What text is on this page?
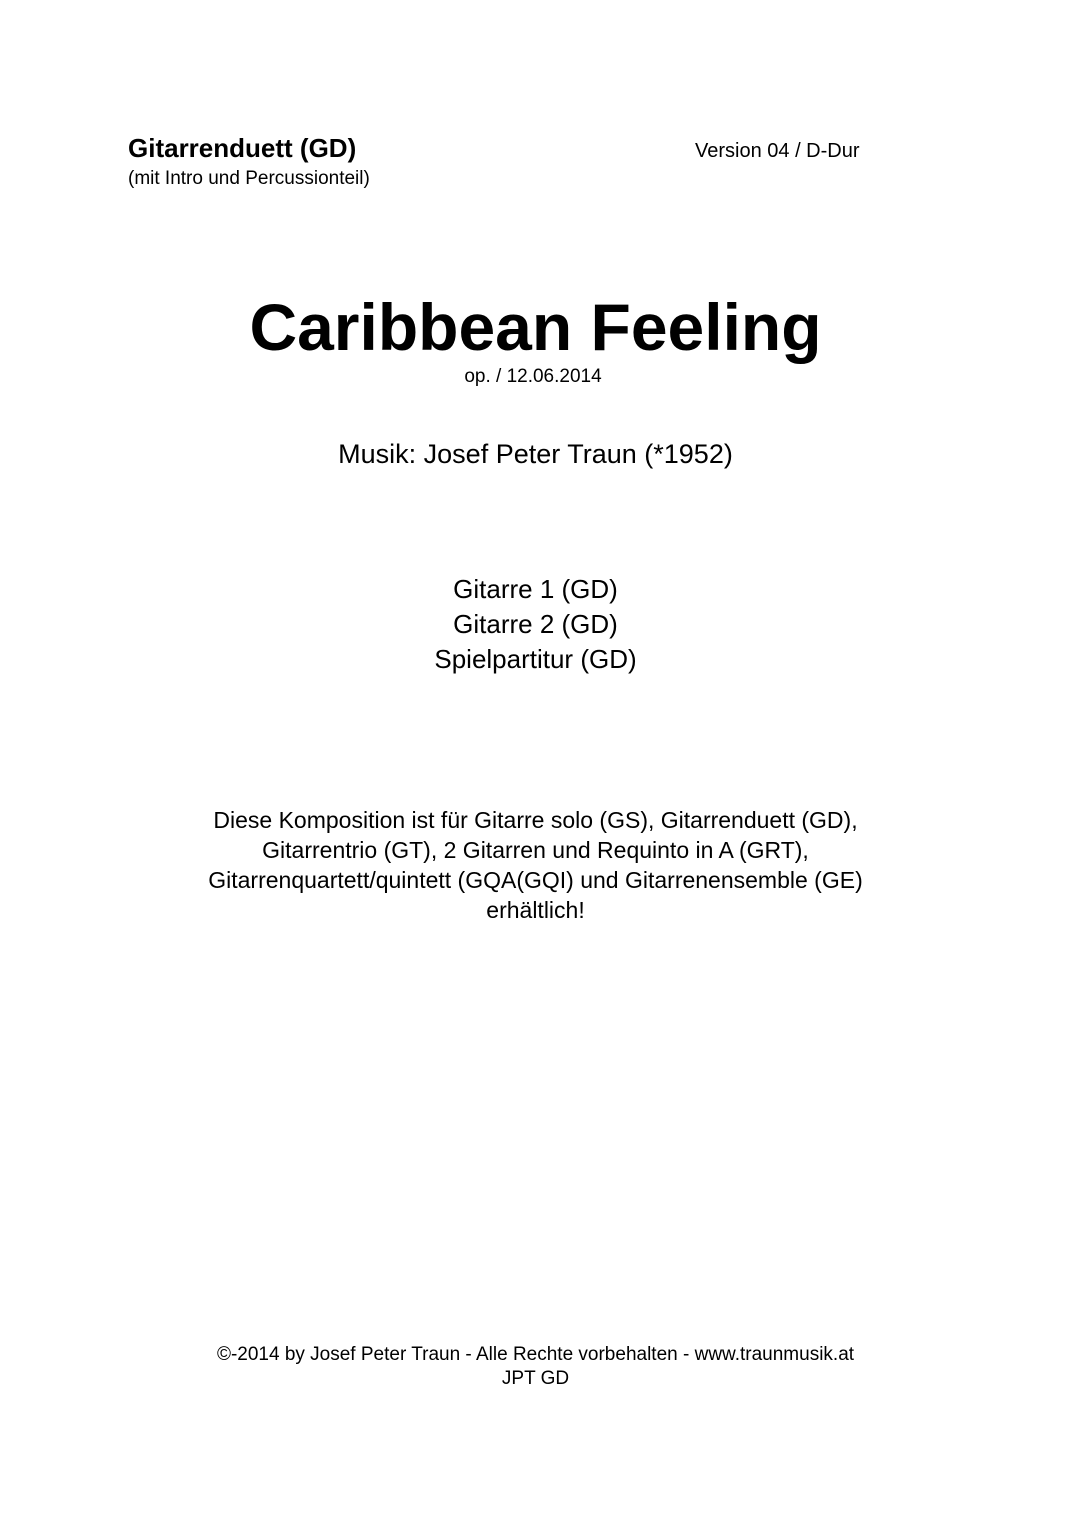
Gitarrenduett (GD)
(mit Intro und Percussionteil)
Version 04 / D-Dur
Caribbean Feeling
op. / 12.06.2014
Musik: Josef Peter Traun (*1952)
Gitarre 1 (GD)
Gitarre 2 (GD)
Spielpartitur (GD)
Diese Komposition ist für Gitarre solo (GS), Gitarrenduett (GD),
Gitarrentrio (GT), 2 Gitarren und Requinto in A (GRT),
Gitarrenquartett/quintett (GQA(GQI) und Gitarrenensemble (GE)
erhältlich!
©-2014 by Josef Peter Traun - Alle Rechte vorbehalten - www.traunmusik.at
JPT GD
